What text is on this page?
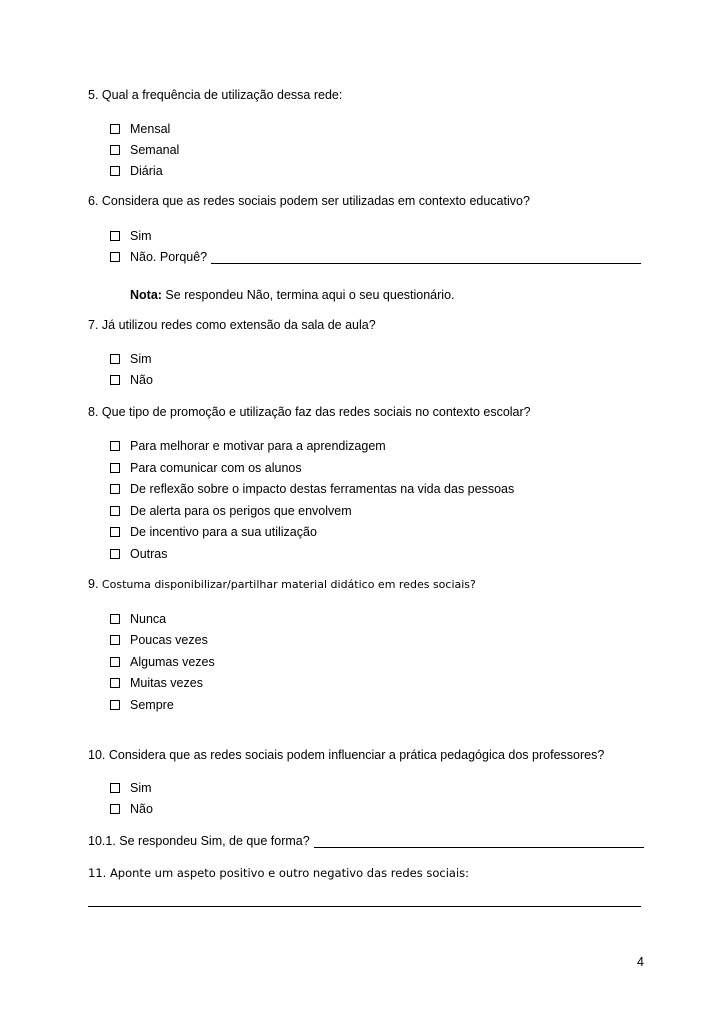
5. Qual a frequência de utilização dessa rede:
Mensal
Semanal
Diária
6. Considera que as redes sociais podem ser utilizadas em contexto educativo?
Sim
Não. Porquê?
Nota: Se respondeu Não, termina aqui o seu questionário.
7. Já utilizou redes como extensão da sala de aula?
Sim
Não
8. Que tipo de promoção e utilização faz das redes sociais no contexto escolar?
Para melhorar e motivar para a aprendizagem
Para comunicar com os alunos
De reflexão sobre o impacto destas ferramentas na vida das pessoas
De alerta para os perigos que envolvem
De incentivo para a sua utilização
Outras
9. Costuma disponibilizar/partilhar material didático em redes sociais?
Nunca
Poucas vezes
Algumas vezes
Muitas vezes
Sempre
10. Considera que as redes sociais podem influenciar a prática pedagógica dos professores?
Sim
Não
10.1. Se respondeu Sim, de que forma?
11. Aponte um aspeto positivo e outro negativo das redes sociais:
4
